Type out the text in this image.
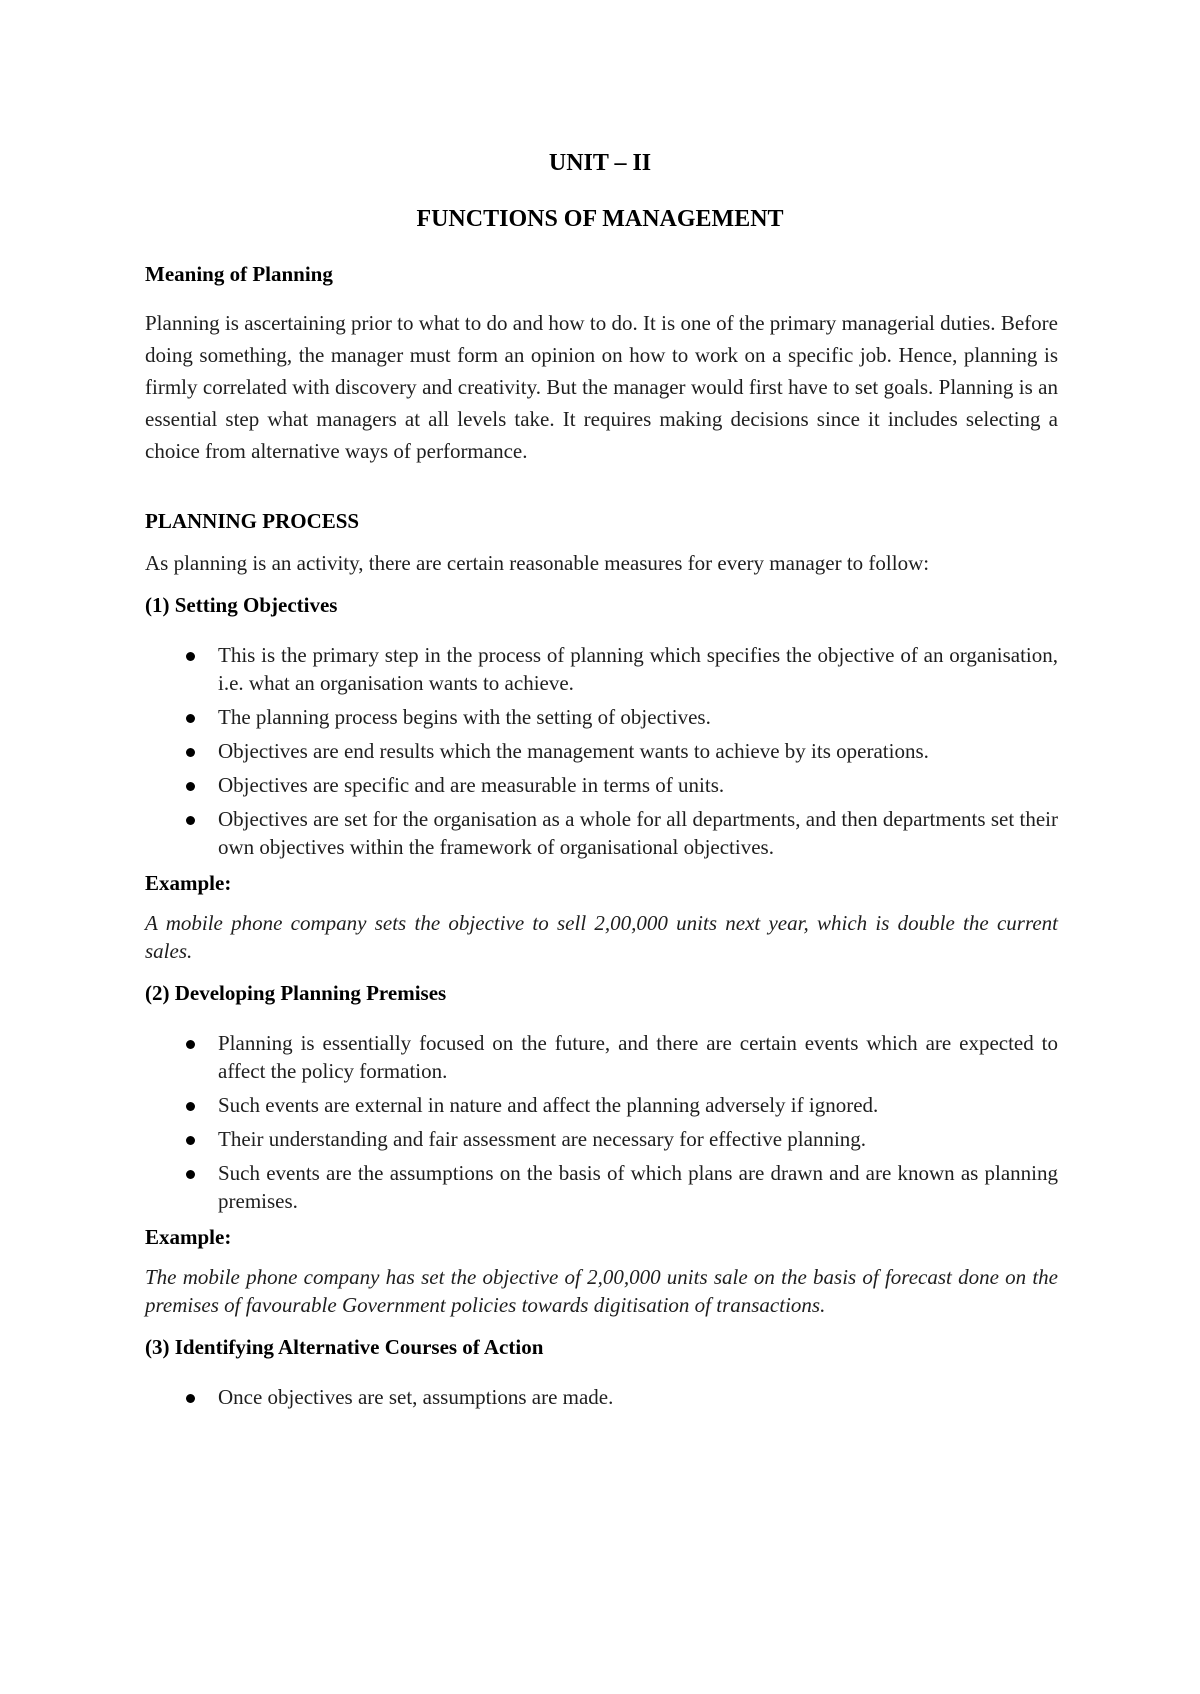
UNIT – II
FUNCTIONS OF MANAGEMENT

Meaning of Planning

Planning is ascertaining prior to what to do and how to do. It is one of the primary managerial duties. Before doing something, the manager must form an opinion on how to work on a specific job. Hence, planning is firmly correlated with discovery and creativity. But the manager would first have to set goals. Planning is an essential step what managers at all levels take. It requires making decisions since it includes selecting a choice from alternative ways of performance.

PLANNING PROCESS

As planning is an activity, there are certain reasonable measures for every manager to follow:

(1) Setting Objectives

This is the primary step in the process of planning which specifies the objective of an organisation, i.e. what an organisation wants to achieve.
The planning process begins with the setting of objectives.
Objectives are end results which the management wants to achieve by its operations.
Objectives are specific and are measurable in terms of units.
Objectives are set for the organisation as a whole for all departments, and then departments set their own objectives within the framework of organisational objectives.

Example:

A mobile phone company sets the objective to sell 2,00,000 units next year, which is double the current sales.

(2) Developing Planning Premises

Planning is essentially focused on the future, and there are certain events which are expected to affect the policy formation.
Such events are external in nature and affect the planning adversely if ignored.
Their understanding and fair assessment are necessary for effective planning.
Such events are the assumptions on the basis of which plans are drawn and are known as planning premises.

Example:

The mobile phone company has set the objective of 2,00,000 units sale on the basis of forecast done on the premises of favourable Government policies towards digitisation of transactions.

(3) Identifying Alternative Courses of Action

Once objectives are set, assumptions are made.
